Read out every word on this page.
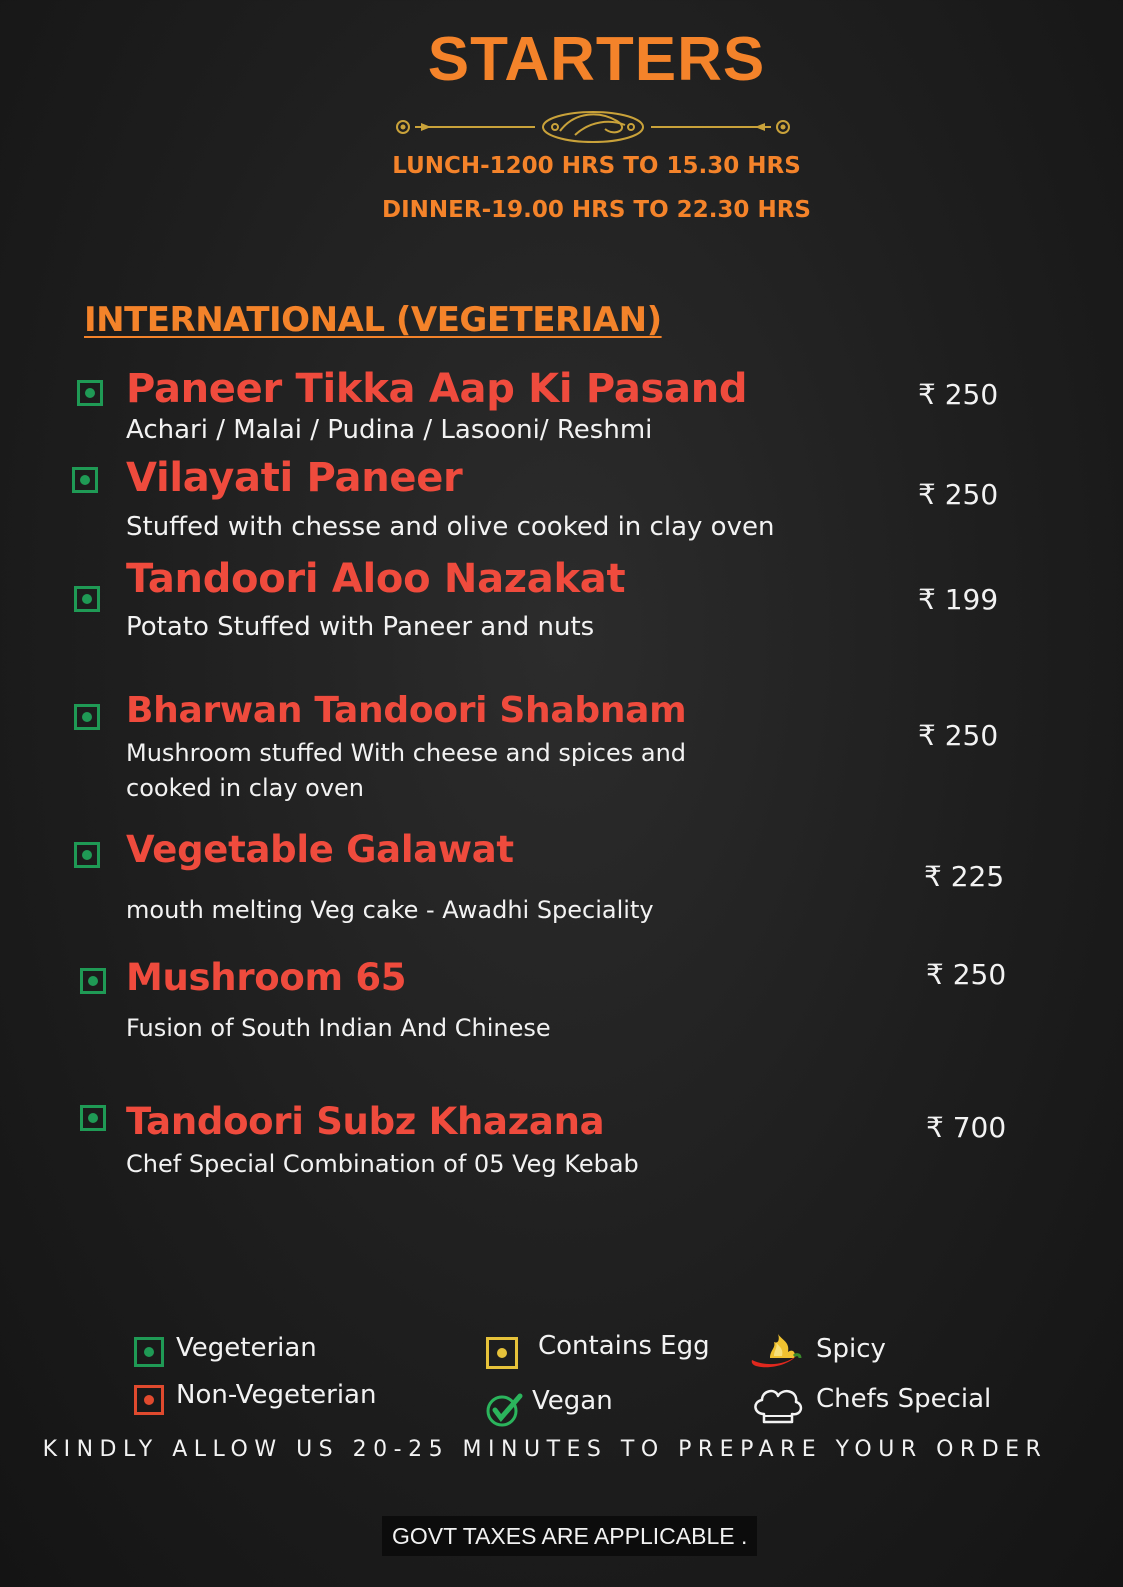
STARTERS
LUNCH-1200 HRS TO 15.30 HRS
DINNER-19.00 HRS TO 22.30 HRS
INTERNATIONAL (VEGETERIAN)
Paneer Tikka Aap Ki Pasand
Achari / Malai / Pudina / Lasooni/ Reshmi
₹ 250
Vilayati Paneer
Stuffed with chesse and olive cooked in clay oven
₹ 250
Tandoori Aloo Nazakat
Potato Stuffed with Paneer and nuts
₹ 199
Bharwan Tandoori Shabnam
Mushroom stuffed With cheese and spices and cooked in clay oven
₹ 250
Vegetable Galawat
mouth melting Veg cake - Awadhi Speciality
₹ 225
Mushroom 65
Fusion of South Indian And Chinese
₹ 250
Tandoori Subz Khazana
Chef Special Combination of 05 Veg Kebab
₹ 700
Vegeterian
Non-Vegeterian
Contains Egg
Vegan
Spicy
Chefs Special
KINDLY ALLOW US 20-25 MINUTES TO PREPARE YOUR ORDER
GOVT TAXES ARE APPLICABLE .
